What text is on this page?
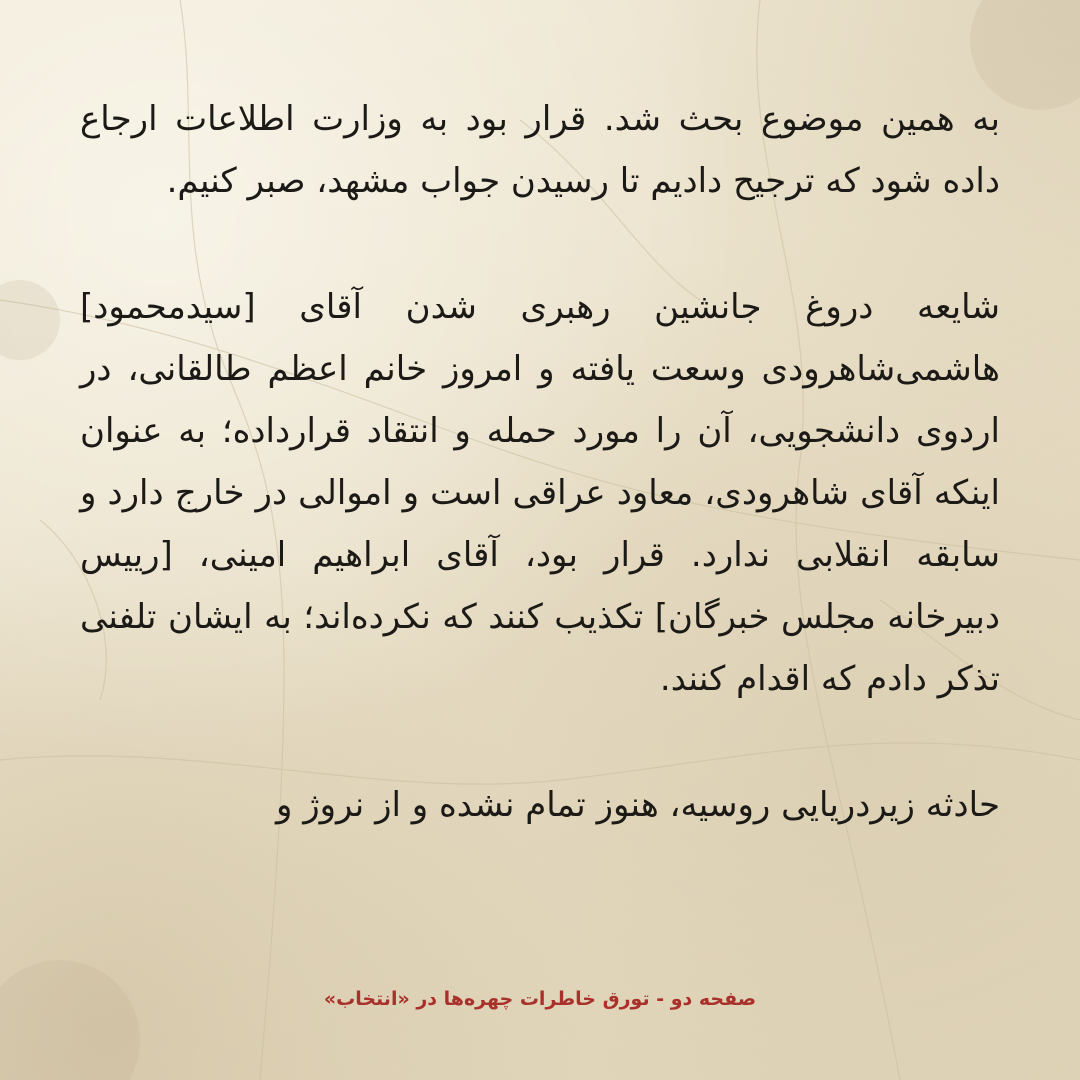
به همین موضوع بحث شد. قرار بود به وزارت اطلاعات ارجاع داده شود که ترجیح دادیم تا رسیدن جواب مشهد، صبر کنیم.

شایعه دروغ جانشین رهبری شدن آقای [سیدمحمود] هاشمی‌شاهرودی وسعت یافته و امروز خانم اعظم طالقانی، در اردوی دانشجویی، آن را مورد حمله و انتقاد قرارداده؛ به عنوان اینکه آقای شاهرودی، معاود عراقی است و اموالی در خارج دارد و سابقه انقلابی ندارد. قرار بود، آقای ابراهیم امینی، [رییس دبیرخانه مجلس خبرگان] تکذیب کنند که نکرده‌اند؛ به ایشان تلفنی تذکر دادم که اقدام کنند.

حادثه زیردریایی روسیه، هنوز تمام نشده و از نروژ و

صفحه دو - تورق خاطرات چهره‌ها در «انتخاب»
